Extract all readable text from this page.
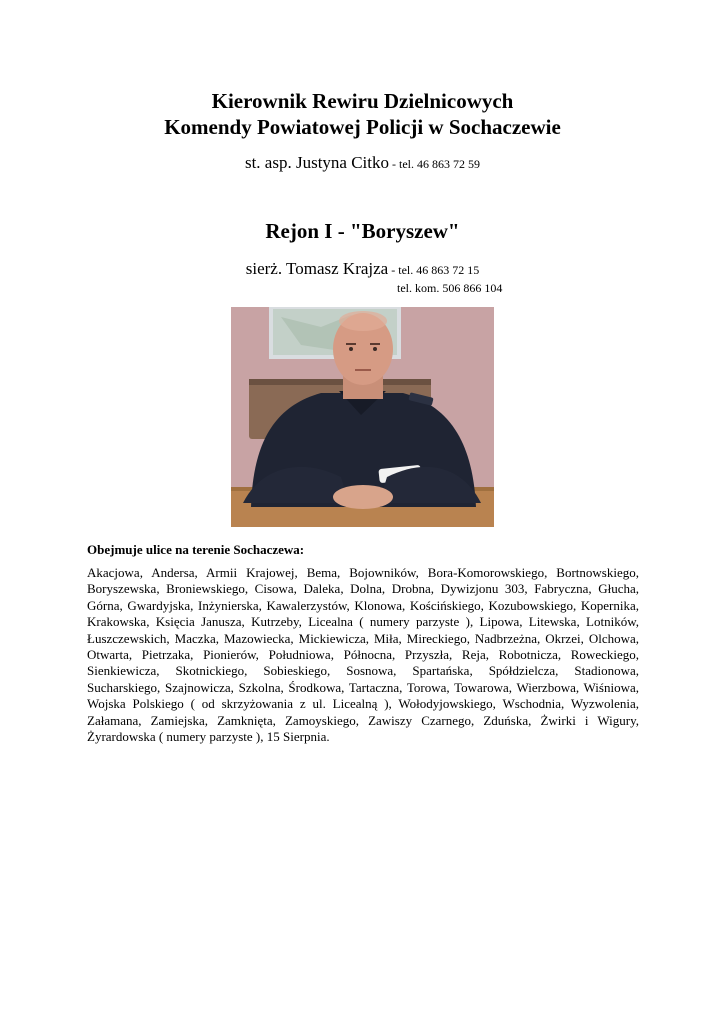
Kierownik Rewiru Dzielnicowych
Komendy Powiatowej Policji w Sochaczewie
st. asp. Justyna Citko - tel. 46 863 72 59
Rejon I - "Boryszew"
sierż. Tomasz Krajza - tel. 46 863 72 15
tel. kom. 506 866 104
Obejmuje ulice na terenie Sochaczewa:

Akacjowa, Andersa, Armii Krajowej, Bema, Bojowników, Bora-Komorowskiego, Bortnowskiego, Boryszewska, Broniewskiego, Cisowa, Daleka, Dolna, Drobna, Dywizjonu 303, Fabryczna, Głucha, Górna, Gwardyjska, Inżynierska, Kawalerzystów, Klonowa, Kościńskiego, Kozubowskiego, Kopernika, Krakowska, Księcia Janusza, Kutrzeby, Licealna ( numery parzyste ), Lipowa, Litewska, Lotników, Łuszczewskich, Maczka, Mazowiecka, Mickiewicza, Miła, Mireckiego, Nadbrzeżna, Okrzei, Olchowa, Otwarta, Pietrzaka, Pionierów, Południowa, Północna, Przyszła, Reja, Robotnicza, Roweckiego, Sienkiewicza, Skotnickiego, Sobieskiego, Sosnowa, Spartańska, Spółdzielcza, Stadionowa, Sucharskiego, Szajnowicza, Szkolna, Środkowa, Tartaczna, Torowa, Towarowa, Wierzbowa, Wiśniowa, Wojska Polskiego ( od skrzyżowania z ul. Licealną ), Wołodyjowskiego, Wschodnia, Wyzwolenia, Załamana, Zamiejska, Zamknięta, Zamoyskiego, Zawiszy Czarnego, Zduńska, Żwirki i Wigury, Żyrardowska ( numery parzyste ), 15 Sierpnia.
